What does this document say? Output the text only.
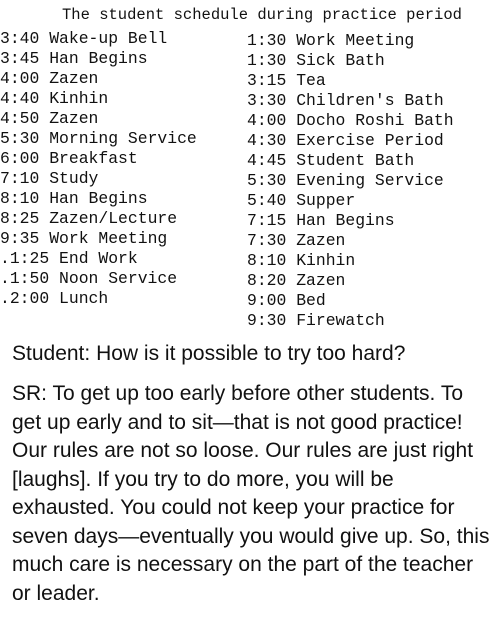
The student schedule during practice period
3:40 Wake-up Bell
3:45 Han Begins
4:00 Zazen
4:40 Kinhin
4:50 Zazen
5:30 Morning Service
6:00 Breakfast
7:10 Study
8:10 Han Begins
8:25 Zazen/Lecture
9:35 Work Meeting
.1:25 End Work
.1:50 Noon Service
.2:00 Lunch
1:30 Work Meeting
1:30 Sick Bath
3:15 Tea
3:30 Children's Bath
4:00 Docho Roshi Bath
4:30 Exercise Period
4:45 Student Bath
5:30 Evening Service
5:40 Supper
7:15 Han Begins
7:30 Zazen
8:10 Kinhin
8:20 Zazen
9:00 Bed
9:30 Firewatch

Student: How is it possible to try too hard?

SR: To get up too early before other students. To get up early and to sit—that is not good practice! Our rules are not so loose. Our rules are just right [laughs]. If you try to do more, you will be exhausted. You could not keep your practice for seven days—eventually you would give up. So, this much care is necessary on the part of the teacher or leader.
